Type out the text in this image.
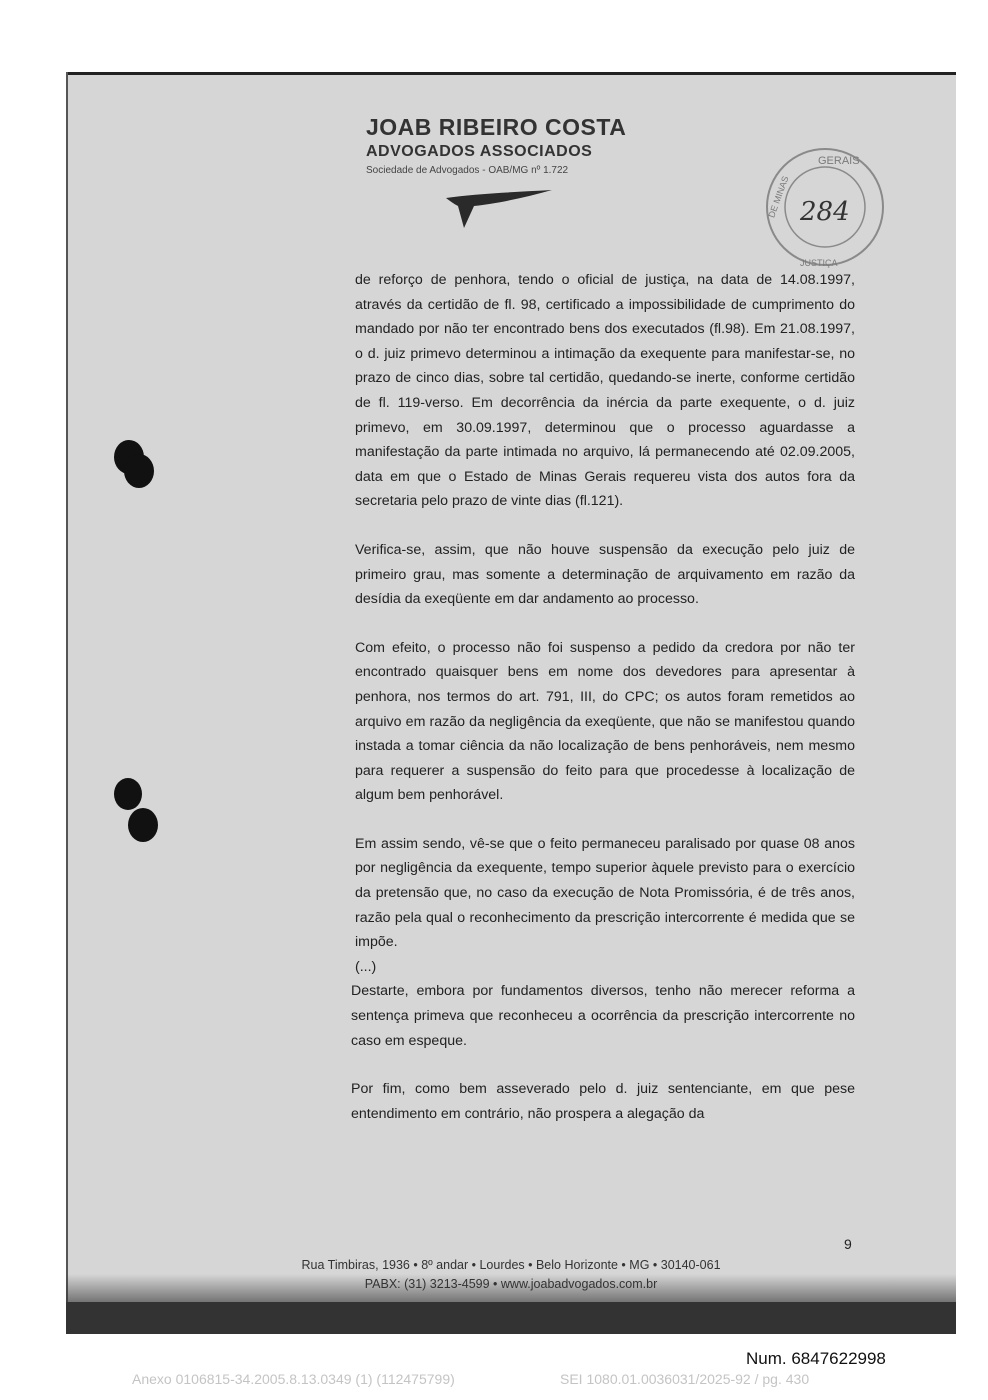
JOAB RIBEIRO COSTA
ADVOGADOS ASSOCIADOS
Sociedade de Advogados - OAB/MG nº 1.722
GERAIS
DE MINAS
JUSTIÇA
284

de reforço de penhora, tendo o oficial de justiça, na data de 14.08.1997, através da certidão de fl. 98, certificado a impossibilidade de cumprimento do mandado por não ter encontrado bens dos executados (fl.98). Em 21.08.1997, o d. juiz primevo determinou a intimação da exequente para manifestar-se, no prazo de cinco dias, sobre tal certidão, quedando-se inerte, conforme certidão de fl. 119-verso. Em decorrência da inércia da parte exequente, o d. juiz primevo, em 30.09.1997, determinou que o processo aguardasse a manifestação da parte intimada no arquivo, lá permanecendo até 02.09.2005, data em que o Estado de Minas Gerais requereu vista dos autos fora da secretaria pelo prazo de vinte dias (fl.121).

Verifica-se, assim, que não houve suspensão da execução pelo juiz de primeiro grau, mas somente a determinação de arquivamento em razão da desídia da exeqüente em dar andamento ao processo.

Com efeito, o processo não foi suspenso a pedido da credora por não ter encontrado quaisquer bens em nome dos devedores para apresentar à penhora, nos termos do art. 791, III, do CPC; os autos foram remetidos ao arquivo em razão da negligência da exeqüente, que não se manifestou quando instada a tomar ciência da não localização de bens penhoráveis, nem mesmo para requerer a suspensão do feito para que procedesse à localização de algum bem penhorável.

Em assim sendo, vê-se que o feito permaneceu paralisado por quase 08 anos por negligência da exequente, tempo superior àquele previsto para o exercício da pretensão que, no caso da execução de Nota Promissória, é de três anos, razão pela qual o reconhecimento da prescrição intercorrente é medida que se impõe.

(...)

Destarte, embora por fundamentos diversos, tenho não merecer reforma a sentença primeva que reconheceu a ocorrência da prescrição intercorrente no caso em espeque.

Por fim, como bem asseverado pelo d. juiz sentenciante, em que pese entendimento em contrário, não prospera a alegação da

9
Rua Timbiras, 1936 • 8º andar • Lourdes • Belo Horizonte • MG • 30140-061
Num. 6847622998
Anexo 0106815-34.2005.8.13.0349 (1) (112475799)	SEI 1080.01.0036031/2025-92 / pg. 430
